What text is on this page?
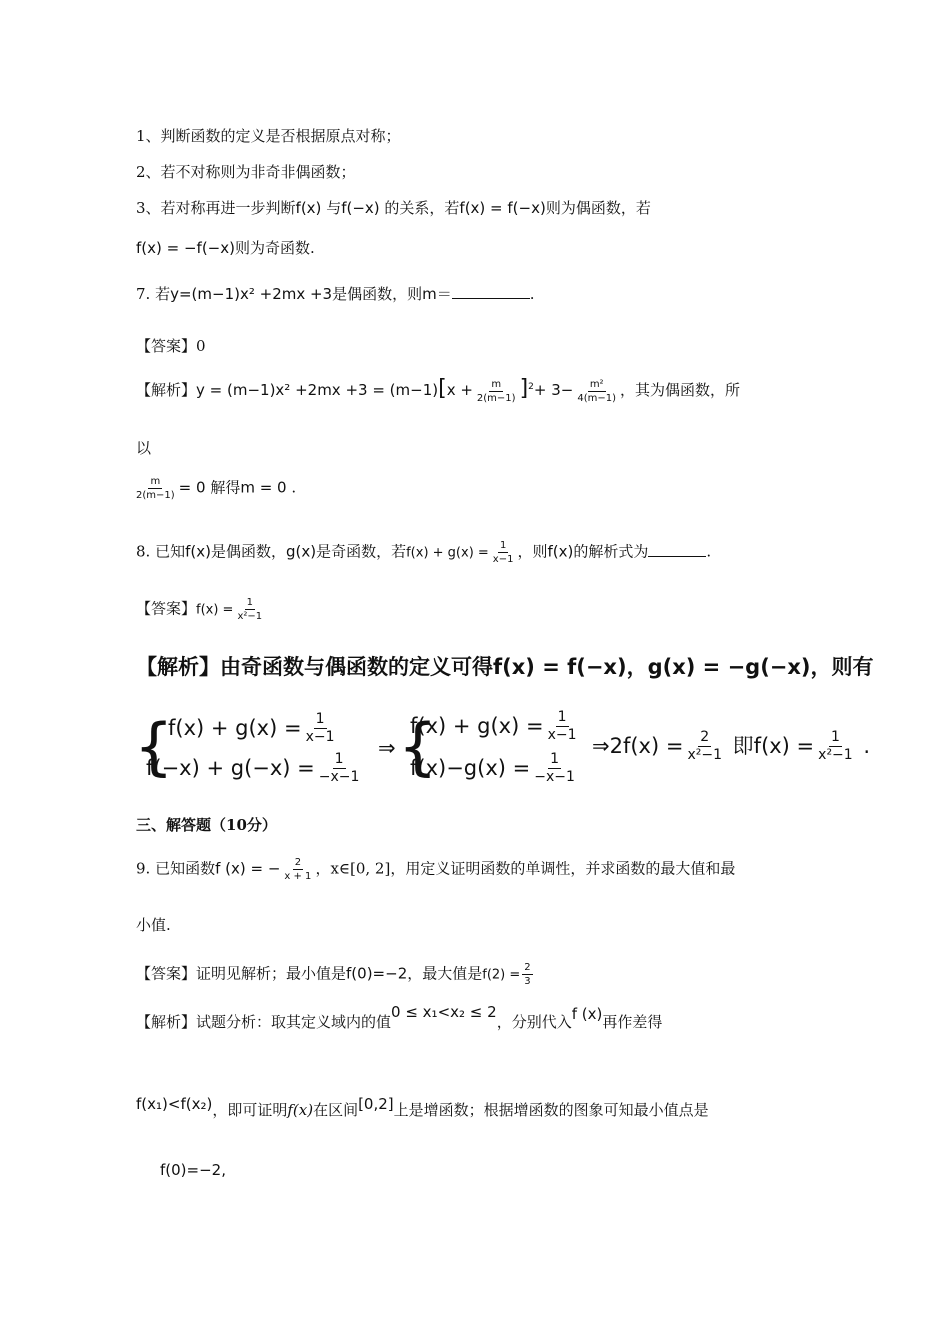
1、判断函数的定义是否根据原点对称；
2、若不对称则为非奇非偶函数；
3、若对称再进一步判断f(x) 与f(−x) 的关系，若f(x) = f(−x)则为偶函数，若
f(x) = −f(−x)则为奇函数.
7. 若y=(m−1)x² +2mx +3是偶函数，则m＝	.
【答案】0
【解析】$y = (m-1)x^2 +2mx +3 = (m-1)[x + \frac{m}{2(m-1)} ]^2+ 3- \frac{\text{m²}}{4(m-1)}$ ，其为偶函数，所
以
$\frac{m}{2(m-1)} = 0$ 解得m = 0 .
8. 已知f(x)是偶函数，g(x)是奇函数，若$f(x) + g(x) = \frac{1}{x-1}$ ，则f(x)的解析式为	.
【答案】$f(x) = \frac{1}{\text{x²−1}}$
【解析】由奇函数与偶函数的定义可得f(x) = f(−x)，g(x) = −g(−x)，则有
{
$f(x) + g(x) = \frac{1}{x-1}$
$f(-x) + g(-x) = \frac{1}{-x-1}$
⇒ {
$f(x) + g(x) = \frac{1}{x-1}$
$f(x)-g(x) = \frac{1}{-x-1}$
⇒2f(x) = $\frac{2}{\text{x²−1}}$ 即$f(x) = \frac{1}{\text{x²−1}}$ .
三、解答题（10分）
9. 已知函数f (x) = − $\frac{2}{x + 1}$ ，x∈[0, 2]，用定义证明函数的单调性，并求函数的最大值和最
小值.
【答案】证明见解析；最小值是f(0)=−2，最大值是$f(2) = \frac{2}{3}$
【解析】试题分析：取其定义域内的值0 ≤ x₁<x₂ ≤ 2，分别代入f (x)再作差得
f(x₁)<f(x₂)，即可证明f(x)在区间[0,2]上是增函数；根据增函数的图象可知最小值点是
f(0)=−2,
